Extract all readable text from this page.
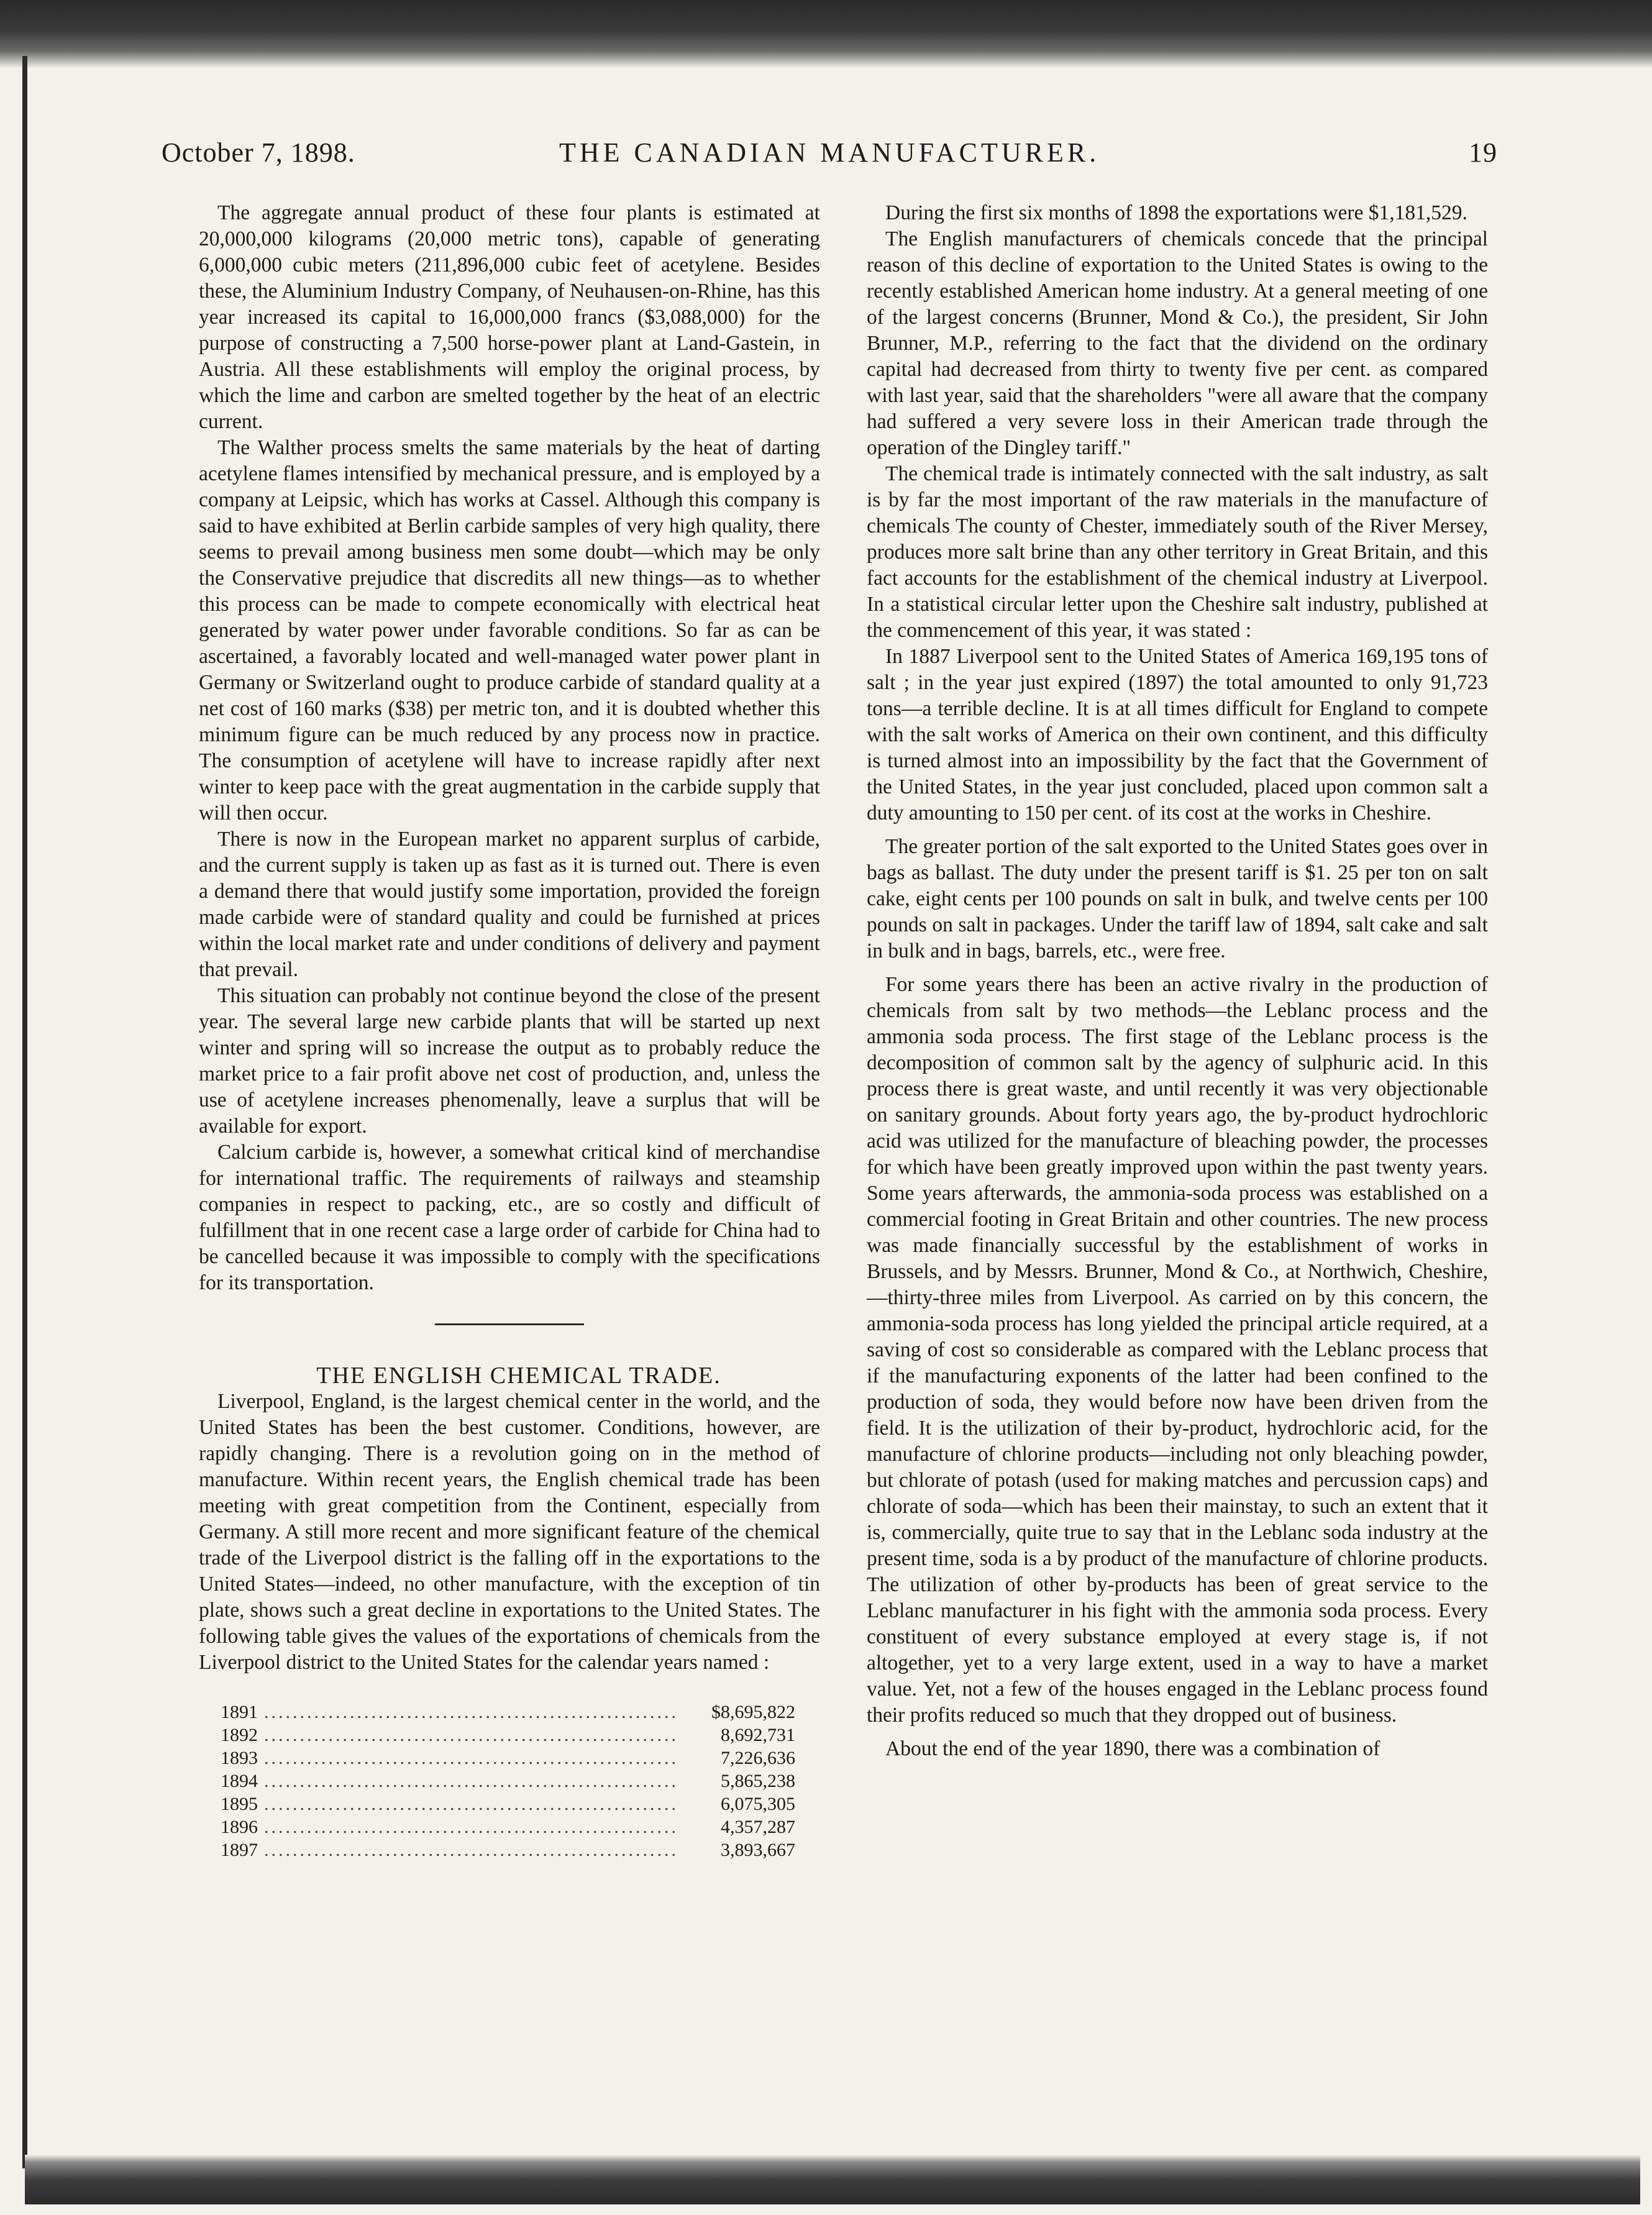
October 7, 1898.	THE CANADIAN MANUFACTURER.	19

The aggregate annual product of these four plants is estimated at 20,000,000 kilograms (20,000 metric tons), capable of generating 6,000,000 cubic meters (211,896,000 cubic feet of acetylene. Besides these, the Aluminium Industry Company, of Neuhausen-on-Rhine, has this year increased its capital to 16,000,000 francs ($3,088,000) for the purpose of constructing a 7,500 horse-power plant at Land-Gastein, in Austria. All these establishments will employ the original process, by which the lime and carbon are smelted together by the heat of an electric current.

The Walther process smelts the same materials by the heat of darting acetylene flames intensified by mechanical pressure, and is employed by a company at Leipsic, which has works at Cassel. Although this company is said to have exhibited at Berlin carbide samples of very high quality, there seems to prevail among business men some doubt—which may be only the Conservative prejudice that discredits all new things—as to whether this process can be made to compete economically with electrical heat generated by water power under favorable conditions. So far as can be ascertained, a favorably located and well-managed water power plant in Germany or Switzerland ought to produce carbide of standard quality at a net cost of 160 marks ($38) per metric ton, and it is doubted whether this minimum figure can be much reduced by any process now in practice. The consumption of acetylene will have to increase rapidly after next winter to keep pace with the great augmentation in the carbide supply that will then occur.

There is now in the European market no apparent surplus of carbide, and the current supply is taken up as fast as it is turned out. There is even a demand there that would justify some importation, provided the foreign made carbide were of standard quality and could be furnished at prices within the local market rate and under conditions of delivery and payment that prevail.

This situation can probably not continue beyond the close of the present year. The several large new carbide plants that will be started up next winter and spring will so increase the output as to probably reduce the market price to a fair profit above net cost of production, and, unless the use of acetylene increases phenomenally, leave a surplus that will be available for export.

Calcium carbide is, however, a somewhat critical kind of merchandise for international traffic. The requirements of railways and steamship companies in respect to packing, etc., are so costly and difficult of fulfillment that in one recent case a large order of carbide for China had to be cancelled because it was impossible to comply with the specifications for its transportation.

THE ENGLISH CHEMICAL TRADE.

Liverpool, England, is the largest chemical center in the world, and the United States has been the best customer. Conditions, however, are rapidly changing. There is a revolution going on in the method of manufacture. Within recent years, the English chemical trade has been meeting with great competition from the Continent, especially from Germany. A still more recent and more significant feature of the chemical trade of the Liverpool district is the falling off in the exportations to the United States—indeed, no other manufacture, with the exception of tin plate, shows such a great decline in exportations to the United States. The following table gives the values of the exportations of chemicals from the Liverpool district to the United States for the calendar years named :

1891 .....	$8,695,822
1892 .....	8,692,731
1893 .....	7,226,636
1894 .....	5,865,238
1895 .....	6,075,305
1896 .....	4,357,287
1897 .....	3,893,667

During the first six months of 1898 the exportations were $1,181,529.

The English manufacturers of chemicals concede that the principal reason of this decline of exportation to the United States is owing to the recently established American home industry. At a general meeting of one of the largest concerns (Brunner, Mond & Co.), the president, Sir John Brunner, M.P., referring to the fact that the dividend on the ordinary capital had decreased from thirty to twenty five per cent. as compared with last year, said that the shareholders "were all aware that the company had suffered a very severe loss in their American trade through the operation of the Dingley tariff."

The chemical trade is intimately connected with the salt industry, as salt is by far the most important of the raw materials in the manufacture of chemicals The county of Chester, immediately south of the River Mersey, produces more salt brine than any other territory in Great Britain, and this fact accounts for the establishment of the chemical industry at Liverpool. In a statistical circular letter upon the Cheshire salt industry, published at the commencement of this year, it was stated :

In 1887 Liverpool sent to the United States of America 169,195 tons of salt ; in the year just expired (1897) the total amounted to only 91,723 tons—a terrible decline. It is at all times difficult for England to compete with the salt works of America on their own continent, and this difficulty is turned almost into an impossibility by the fact that the Government of the United States, in the year just concluded, placed upon common salt a duty amounting to 150 per cent. of its cost at the works in Cheshire.

The greater portion of the salt exported to the United States goes over in bags as ballast. The duty under the present tariff is $1. 25 per ton on salt cake, eight cents per 100 pounds on salt in bulk, and twelve cents per 100 pounds on salt in packages. Under the tariff law of 1894, salt cake and salt in bulk and in bags, barrels, etc., were free.

For some years there has been an active rivalry in the production of chemicals from salt by two methods—the Leblanc process and the ammonia soda process. The first stage of the Leblanc process is the decomposition of common salt by the agency of sulphuric acid. In this process there is great waste, and until recently it was very objectionable on sanitary grounds. About forty years ago, the by-product hydrochloric acid was utilized for the manufacture of bleaching powder, the processes for which have been greatly improved upon within the past twenty years. Some years afterwards, the ammonia-soda process was established on a commercial footing in Great Britain and other countries. The new process was made financially successful by the establishment of works in Brussels, and by Messrs. Brunner, Mond & Co., at Northwich, Cheshire,—thirty-three miles from Liverpool. As carried on by this concern, the ammonia-soda process has long yielded the principal article required, at a saving of cost so considerable as compared with the Leblanc process that if the manufacturing exponents of the latter had been confined to the production of soda, they would before now have been driven from the field. It is the utilization of their by-product, hydrochloric acid, for the manufacture of chlorine products—including not only bleaching powder, but chlorate of potash (used for making matches and percussion caps) and chlorate of soda—which has been their mainstay, to such an extent that it is, commercially, quite true to say that in the Leblanc soda industry at the present time, soda is a by product of the manufacture of chlorine products. The utilization of other by-products has been of great service to the Leblanc manufacturer in his fight with the ammonia soda process. Every constituent of every substance employed at every stage is, if not altogether, yet to a very large extent, used in a way to have a market value. Yet, not a few of the houses engaged in the Leblanc process found their profits reduced so much that they dropped out of business.

About the end of the year 1890, there was a combination of
